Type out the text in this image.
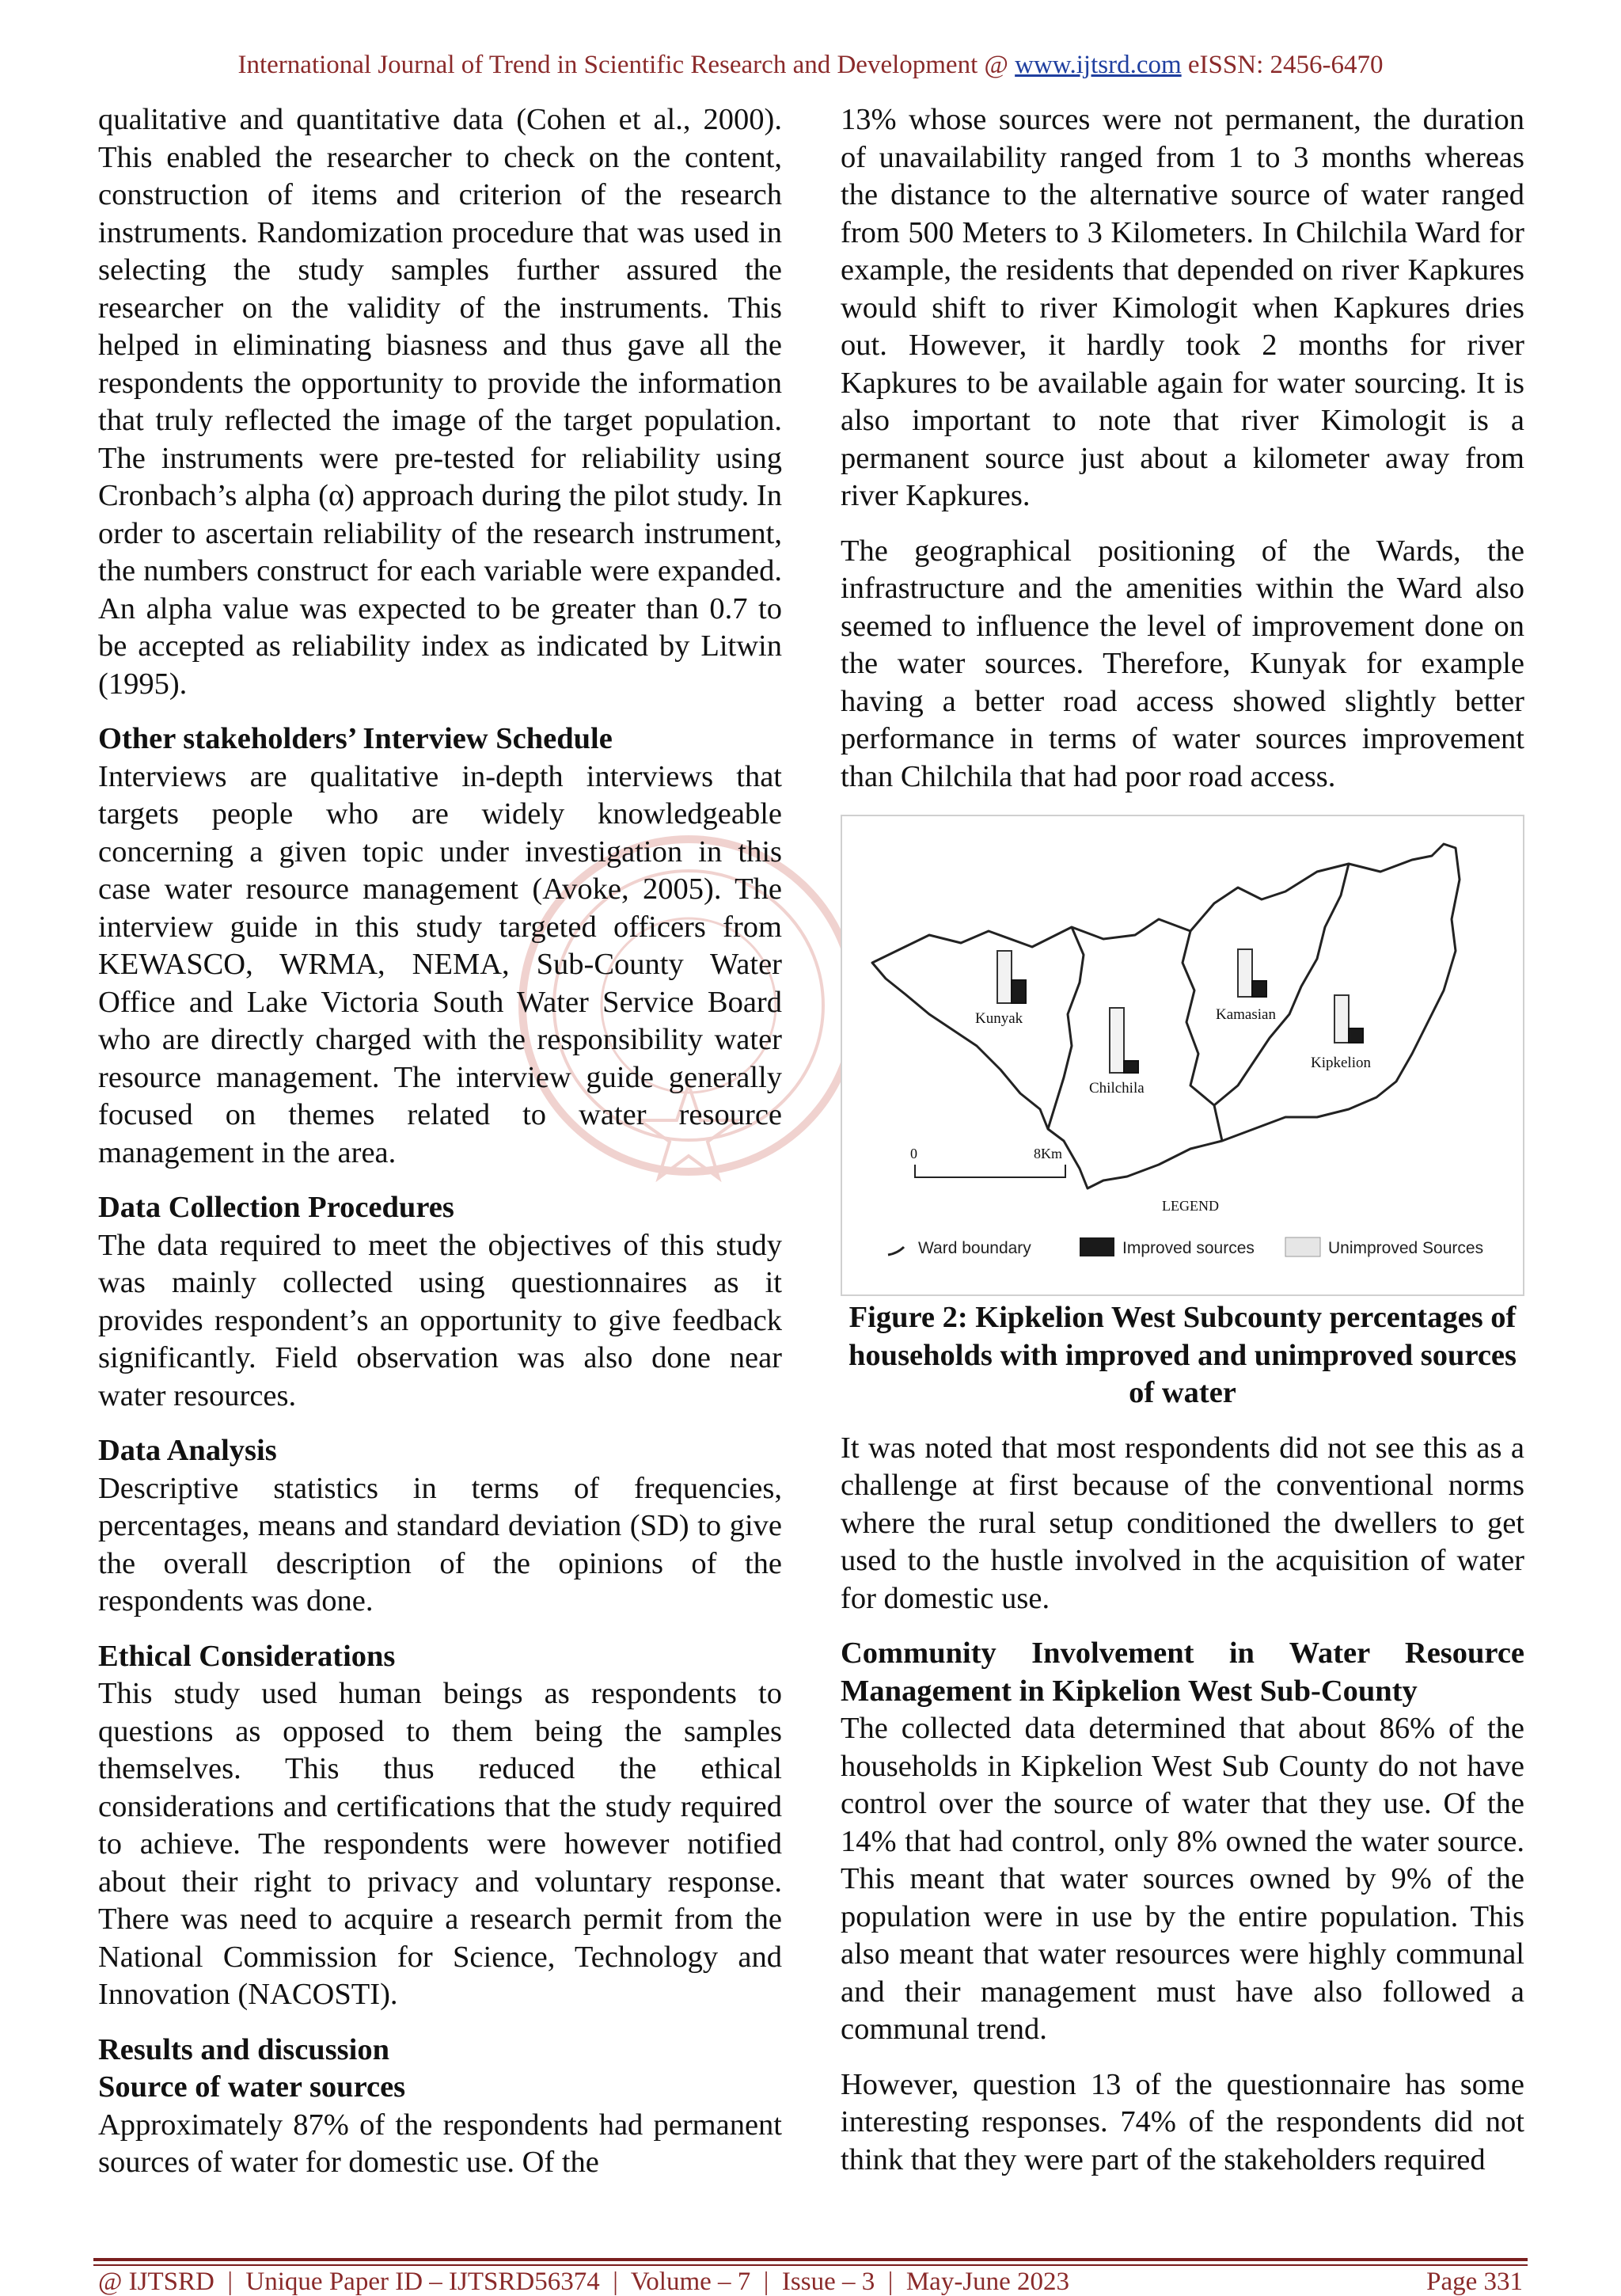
International Journal of Trend in Scientific Research and Development @ www.ijtsrd.com eISSN: 2456-6470

qualitative and quantitative data (Cohen et al., 2000). This enabled the researcher to check on the content, construction of items and criterion of the research instruments. Randomization procedure that was used in selecting the study samples further assured the researcher on the validity of the instruments. This helped in eliminating biasness and thus gave all the respondents the opportunity to provide the information that truly reflected the image of the target population. The instruments were pre-tested for reliability using Cronbach’s alpha (α) approach during the pilot study. In order to ascertain reliability of the research instrument, the numbers construct for each variable were expanded. An alpha value was expected to be greater than 0.7 to be accepted as reliability index as indicated by Litwin (1995).

Other stakeholders’ Interview Schedule

Interviews are qualitative in-depth interviews that targets people who are widely knowledgeable concerning a given topic under investigation in this case water resource management (Avoke, 2005). The interview guide in this study targeted officers from KEWASCO, WRMA, NEMA, Sub-County Water Office and Lake Victoria South Water Service Board who are directly charged with the responsibility water resource management. The interview guide generally focused on themes related to water resource management in the area.

Data Collection Procedures

The data required to meet the objectives of this study was mainly collected using questionnaires as it provides respondent’s an opportunity to give feedback significantly. Field observation was also done near water resources.

Data Analysis

Descriptive statistics in terms of frequencies, percentages, means and standard deviation (SD) to give the overall description of the opinions of the respondents was done.

Ethical Considerations

This study used human beings as respondents to questions as opposed to them being the samples themselves. This thus reduced the ethical considerations and certifications that the study required to achieve. The respondents were however notified about their right to privacy and voluntary response. There was need to acquire a research permit from the National Commission for Science, Technology and Innovation (NACOSTI).

Results and discussion
Source of water sources

Approximately 87% of the respondents had permanent sources of water for domestic use. Of the

13% whose sources were not permanent, the duration of unavailability ranged from 1 to 3 months whereas the distance to the alternative source of water ranged from 500 Meters to 3 Kilometers. In Chilchila Ward for example, the residents that depended on river Kapkures would shift to river Kimologit when Kapkures dries out. However, it hardly took 2 months for river Kapkures to be available again for water sourcing. It is also important to note that river Kimologit is a permanent source just about a kilometer away from river Kapkures.

The geographical positioning of the Wards, the infrastructure and the amenities within the Ward also seemed to influence the level of improvement done on the water sources. Therefore, Kunyak for example having a better road access showed slightly better performance in terms of water sources improvement than Chilchila that had poor road access.

Kunyak
Chilchila
Kamasian
Kipkelion
0	8Km
LEGEND
Ward boundary	Improved sources	Unimproved Sources
Figure 2: Kipkelion West Subcounty percentages of households with improved and unimproved sources of water

It was noted that most respondents did not see this as a challenge at first because of the conventional norms where the rural setup conditioned the dwellers to get used to the hustle involved in the acquisition of water for domestic use.

Community Involvement in Water Resource Management in Kipkelion West Sub-County

The collected data determined that about 86% of the households in Kipkelion West Sub County do not have control over the source of water that they use. Of the 14% that had control, only 8% owned the water source. This meant that water sources owned by 9% of the population were in use by the entire population. This also meant that water resources were highly communal and their management must have also followed a communal trend.

However, question 13 of the questionnaire has some interesting responses. 74% of the respondents did not think that they were part of the stakeholders required

@ IJTSRD  |  Unique Paper ID – IJTSRD56374  |  Volume – 7  |  Issue – 3  |  May-June 2023	Page 331
